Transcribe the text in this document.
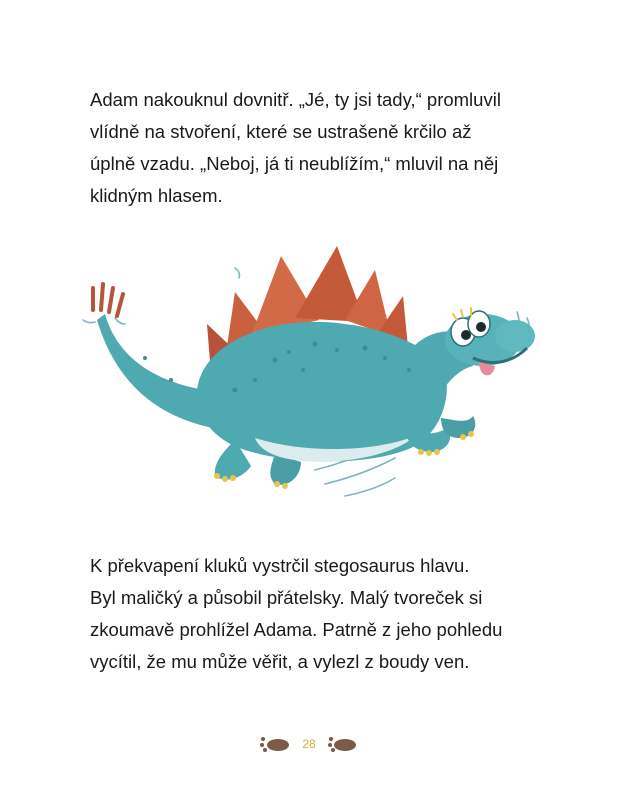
Adam nakouknul dovnitř. „Jé, ty jsi tady,“ promluvil
vlídně na stvoření, které se ustrašeně krčilo až
úplně vzadu. „Neboj, já ti neublížím,“ mluvil na něj
klidným hlasem.

K překvapení kluků vystrčil stegosaurus hlavu.
Byl maličký a působil přátelsky. Malý tvoreček si
zkoumavě prohlížel Adama. Patrně z jeho pohledu
vycítil, že mu může věřit, a vylezl z boudy ven.

28
